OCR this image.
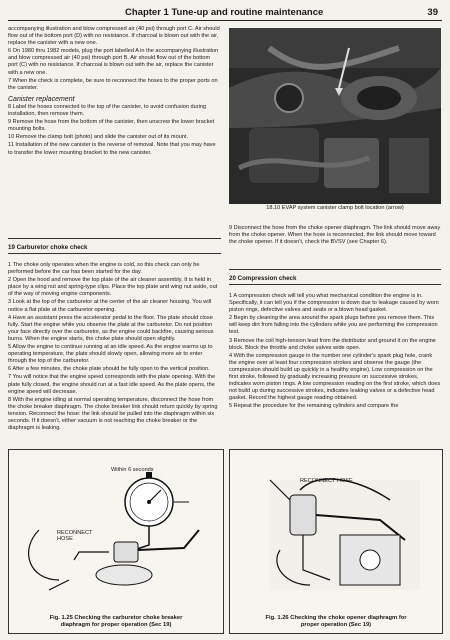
Chapter 1 Tune-up and routine maintenance	39

accompanying illustration and blow compressed air (40 psi) through port C. Air should flow out of the bottom port (D) with no resistance. If charcoal is blown out with the air, replace the canister with a new one.

6 On 1980 thru 1982 models, plug the port labelled A in the accompanying illustration and blow compressed air (40 psi) through port B. Air should flow out of the bottom port (C) with no resistance. If charcoal is blown out with the air, replace the canister with a new one.

7 When the check is complete, be sure to reconnect the hoses to the proper ports on the canister.

Canister replacement

8 Label the hoses connected to the top of the canister, to avoid confusion during installation, then remove them.

9 Remove the hose from the bottom of the canister, then unscrew the lower bracket mounting bolts.

10 Remove the clamp bolt (photo) and slide the canister out of its mount.

11 Installation of the new canister is the reverse of removal. Note that you may have to transfer the lower mounting bracket to the new canister.

18.10 EVAP system canister clamp bolt location (arrow)
19 Carburetor choke check

1 The choke only operates when the engine is cold, so this check can only be performed before the car has been started for the day.

2 Open the hood and remove the top plate of the air cleaner assembly. It is held in place by a wing nut and spring-type clips. Place the top plate and wing nut aside, out of the way of moving engine components.

3 Look at the top of the carburetor at the center of the air cleaner housing. You will notice a flat plate at the carburetor opening.

4 Have an assistant press the accelerator pedal to the floor. The plate should close fully. Start the engine while you observe the plate at the carburetor. Do not position your face directly over the carburetor, as the engine could backfire, causing serious burns. When the engine starts, the choke plate should open slightly.

5 Allow the engine to continue running at an idle speed. As the engine warms up to operating temperature, the plate should slowly open, allowing more air to enter through the top of the carburetor.

6 After a few minutes, the choke plate should be fully open to the vertical position.

7 You will notice that the engine speed corresponds with the plate opening. With the plate fully closed, the engine should run at a fast idle speed. As the plate opens, the engine speed will decrease.

8 With the engine idling at normal operating temperature, disconnect the hose from the choke breaker diaphragm. The choke breaker link should return quickly by spring tension. Reconnect the hose: the link should be pulled into the diaphragm within six seconds. If it doesn't, either vacuum is not reaching the choke breaker or the diaphragm is leaking.

9 Disconnect the hose from the choke opener diaphragm. The link should move away from the choke opener. When the hose is reconnected, the link should move toward the choke opener. If it doesn't, check the BVSV (see Chapter 6).

20 Compression check

1 A compression check will tell you what mechanical condition the engine is in. Specifically, it can tell you if the compression is down due to leakage caused by worn piston rings, defective valves and seats or a blown head gasket.

2 Begin by cleaning the area around the spark plugs before you remove them. This will keep dirt from falling into the cylinders while you are performing the compression test.

3 Remove the coil high-tension lead from the distributor and ground it on the engine block. Block the throttle and choke valves wide open.

4 With the compression gauge in the number one cylinder's spark plug hole, crank the engine over at least four compression strokes and observe the gauge (the compression should build up quickly in a healthy engine). Low compression on the first stroke, followed by gradually increasing pressure on successive strokes, indicates worn piston rings. A low compression reading on the first stroke, which does not build up during successive strokes, indicates leaking valves or a defective head gasket. Record the highest gauge reading obtained.

5 Repeat the procedure for the remaining cylinders and compare the

Within 6 seconds
RECONNECT HOSE
Fig. 1.25 Checking the carburetor choke breaker
diaphragm for proper operation (Sec 19)
RECONNECT HOSE
Fig. 1.26 Checking the choke opener diaphragm for
proper operation (Sec 19)
